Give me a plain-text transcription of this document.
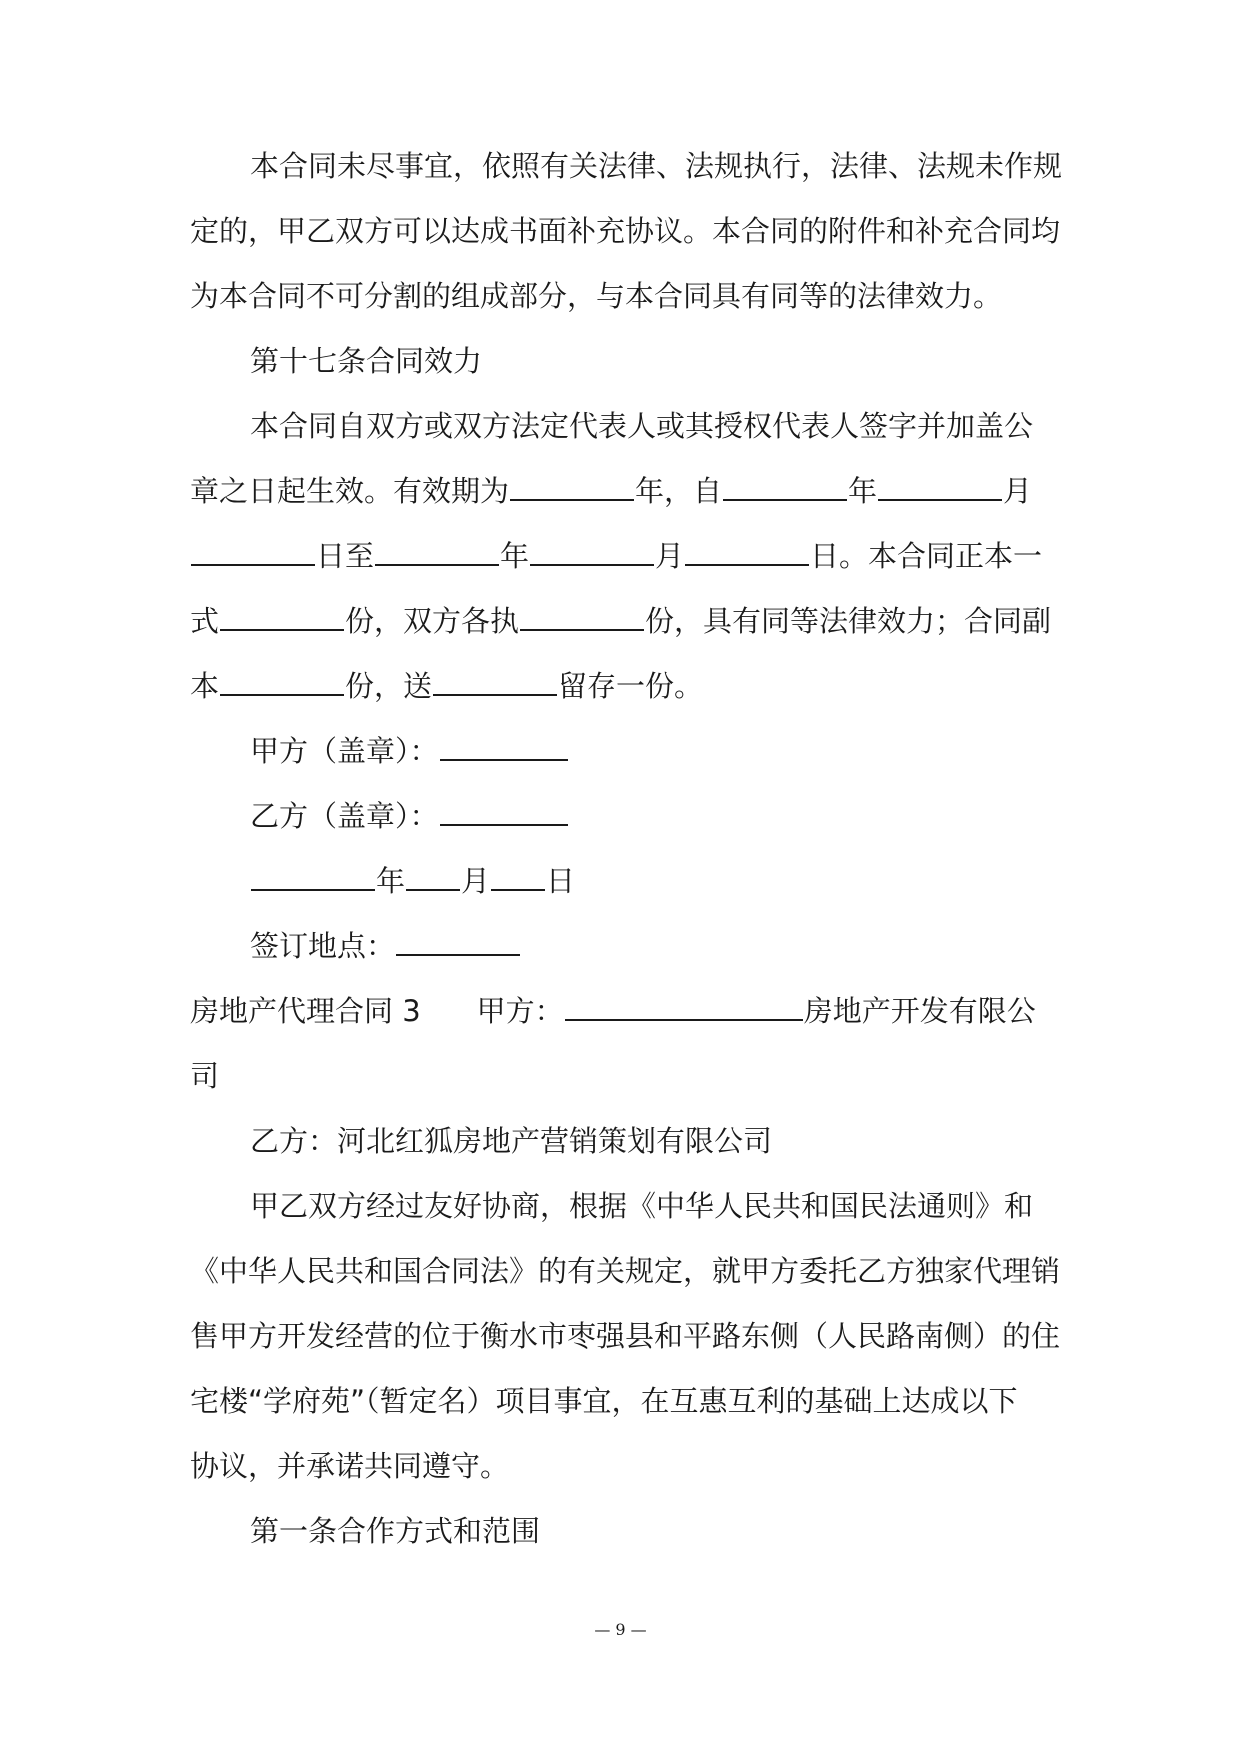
本合同未尽事宜，依照有关法律、法规执行，法律、法规未作规
定的，甲乙双方可以达成书面补充协议。本合同的附件和补充合同均
为本合同不可分割的组成部分，与本合同具有同等的法律效力。
第十七条合同效力
本合同自双方或双方法定代表人或其授权代表人签字并加盖公
章之日起生效。有效期为	年，自	年	月
日至	年	月	日。本合同正本一
式	份，双方各执	份，具有同等法律效力；合同副
本	份，送	留存一份。
甲方（盖章）：
乙方（盖章）：
年 月 日
签订地点：
房地产代理合同 3 甲方：	房地产开发有限公
司
乙方：河北红狐房地产营销策划有限公司
甲乙双方经过友好协商，根据《中华人民共和国民法通则》和
《中华人民共和国合同法》的有关规定，就甲方委托乙方独家代理销
售甲方开发经营的位于衡水市枣强县和平路东侧（人民路南侧）的住
宅楼“学府苑”（暂定名）项目事宜，在互惠互利的基础上达成以下
协议，并承诺共同遵守。
第一条合作方式和范围
— 9 —
